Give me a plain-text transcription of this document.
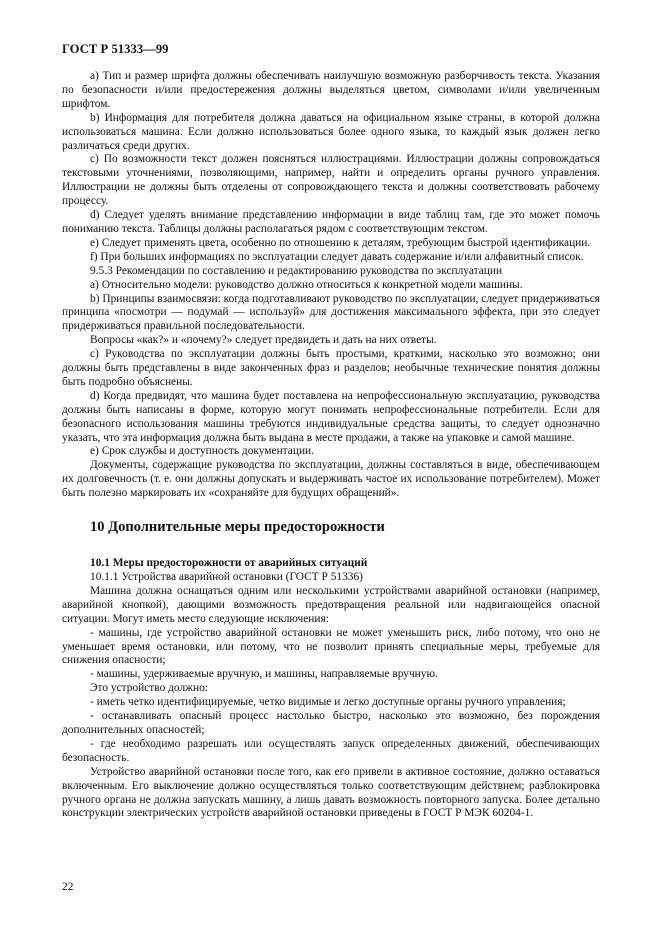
ГОСТ Р 51333—99

а) Тип и размер шрифта должны обеспечивать наилучшую возможную разборчивость текста. Указания по безопасности и/или предостережения должны выделяться цветом, символами и/или увеличенным шрифтом.

b) Информация для потребителя должна даваться на официальном языке страны, в которой должна использоваться машина. Если должно использоваться более одного языка, то каждый язык должен легко различаться среди других.

с) По возможности текст должен поясняться иллюстрациями. Иллюстрации должны сопровождаться текстовыми уточнениями, позволяющими, например, найти и определить органы ручного управления. Иллюстрации не должны быть отделены от сопровождающего текста и должны соответствовать рабочему процессу.

d) Следует уделять внимание представлению информации в виде таблиц там, где это может помочь пониманию текста. Таблицы должны располагаться рядом с соответствующим текстом.

е) Следует применять цвета, особенно по отношению к деталям, требующим быстрой идентификации.

f) При больших информациях по эксплуатации следует давать содержание и/или алфавитный список.

9.5.3 Рекомендации по составлению и редактированию руководства по эксплуатации

а) Относительно модели: руководство должно относиться к конкретной модели машины.

b) Принципы взаимосвязи: когда подготавливают руководство по эксплуатации, следует придерживаться принципа «посмотри — подумай — используй» для достижения максимального эффекта, при это следует придерживаться правильной последовательности.

Вопросы «как?» и «почему?» следует предвидеть и дать на них ответы.

с) Руководства по эксплуатации должны быть простыми, краткими, насколько это возможно; они должны быть представлены в виде законченных фраз и разделов; необычные технические понятия должны быть подробно объяснены.

d) Когда предвидят, что машина будет поставлена на непрофессиональную эксплуатацию, руководства должны быть написаны в форме, которую могут понимать непрофессиональные потребители. Если для безопасного использования машины требуются индивидуальные средства защиты, то следует однозначно указать, что эта информация должна быть выдана в месте продажи, а также на упаковке и самой машине.

е) Срок службы и доступность документации.

Документы, содержащие руководства по эксплуатации, должны составляться в виде, обеспечивающем их долговечность (т. е. они должны допускать и выдерживать частое их использование потребителем). Может быть полезно маркировать их «сохраняйте для будущих обращений».

10 Дополнительные меры предосторожности

10.1 Меры предосторожности от аварийных ситуаций

10.1.1 Устройства аварийной остановки (ГОСТ Р 51336)

Машина должна оснащаться одним или несколькими устройствами аварийной остановки (например, аварийной кнопкой), дающими возможность предотвращения реальной или надвигающейся опасной ситуации. Могут иметь место следующие исключения:

- машины, где устройство аварийной остановки не может уменьшить риск, либо потому, что оно не уменьшает время остановки, или потому, что не позволит принять специальные меры, требуемые для снижения опасности;

- машины, удерживаемые вручную, и машины, направляемые вручную.

Это устройство должно:

- иметь четко идентифицируемые, четко видимые и легко доступные органы ручного управления;

- останавливать опасный процесс настолько быстро, насколько это возможно, без порождения дополнительных опасностей;

- где необходимо разрешать или осуществлять запуск определенных движений, обеспечивающих безопасность.

Устройство аварийной остановки после того, как его привели в активное состояние, должно оставаться включенным. Его выключение должно осуществляться только соответствующим действием; разблокировка ручного органа не должна запускать машину, а лишь давать возможность повторного запуска. Более детально конструкции электрических устройств аварийной остановки приведены в ГОСТ Р МЭК 60204-1.

22
